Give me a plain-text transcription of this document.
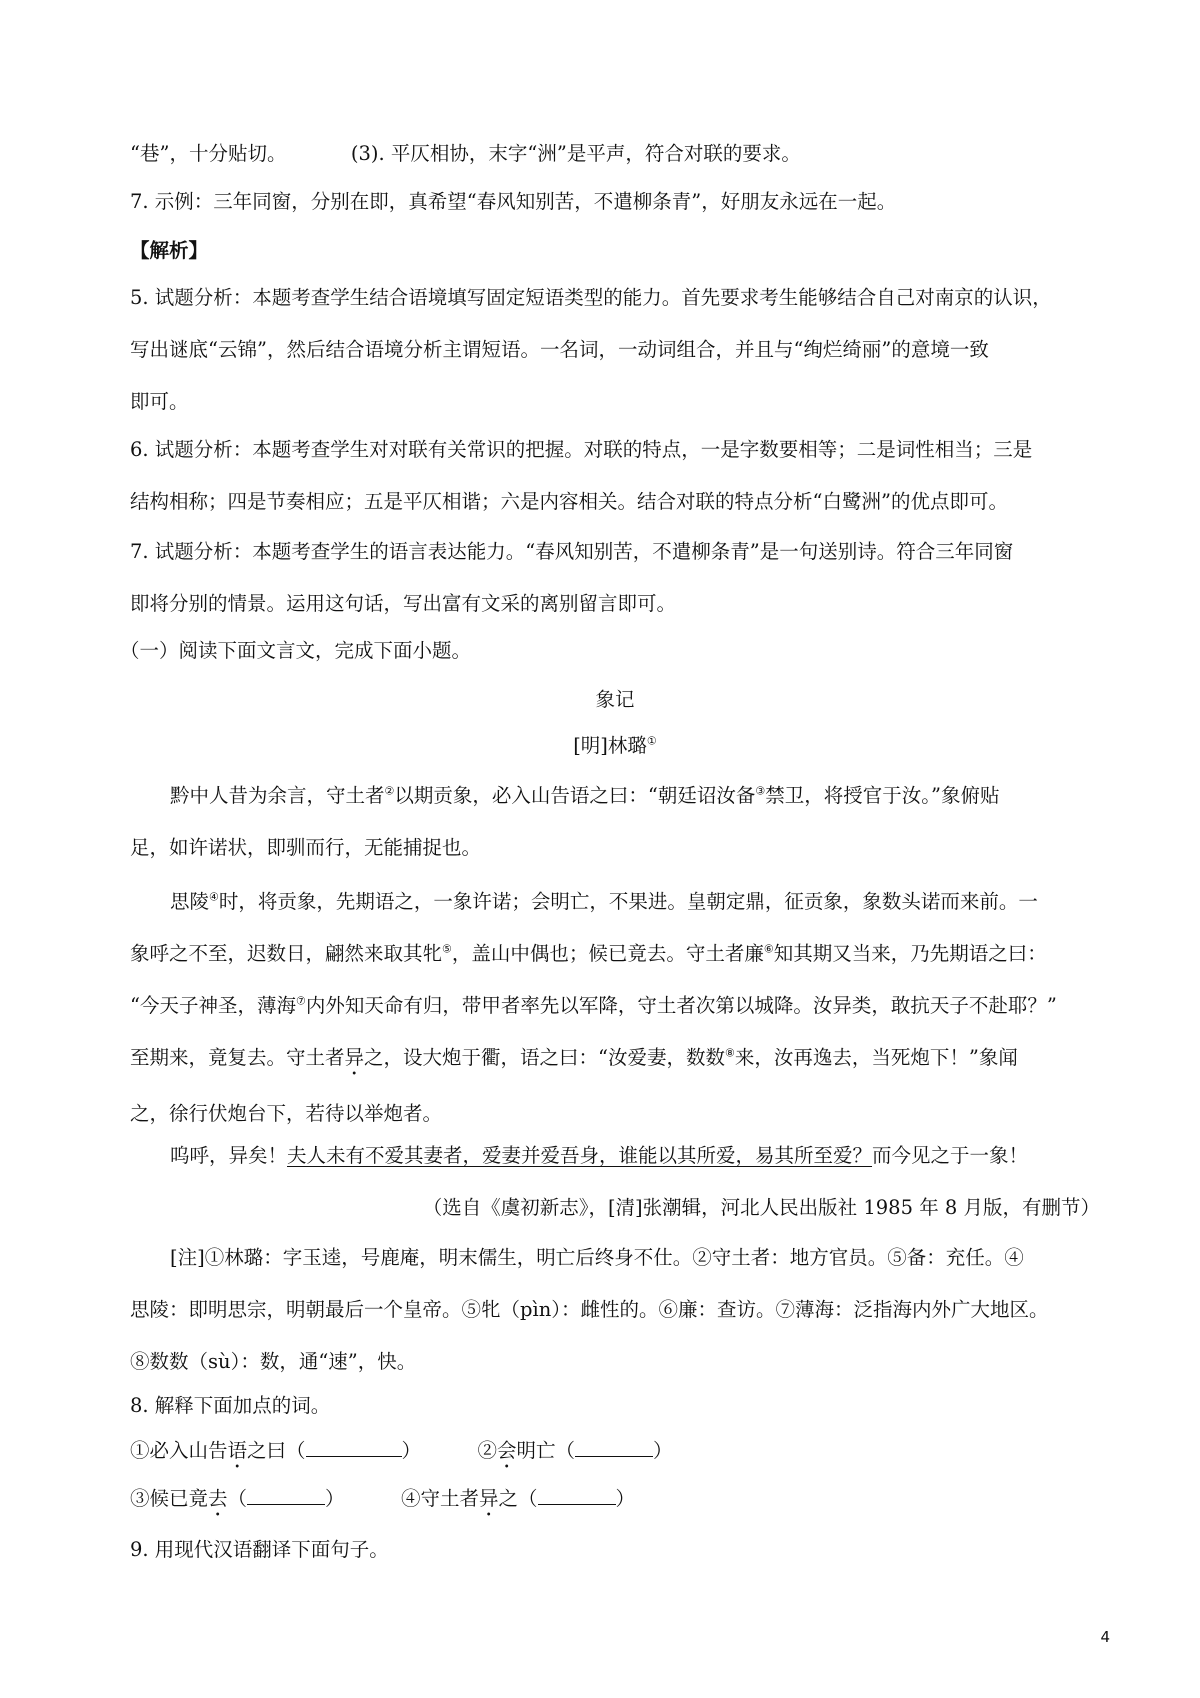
“巷”，十分贴切。	(3). 平仄相协，末字“洲”是平声，符合对联的要求。
7. 示例：三年同窗，分别在即，真希望“春风知别苦，不遣柳条青”，好朋友永远在一起。
【解析】
5. 试题分析：本题考查学生结合语境填写固定短语类型的能力。首先要求考生能够结合自己对南京的认识，
写出谜底“云锦”，然后结合语境分析主谓短语。一名词，一动词组合，并且与“绚烂绮丽”的意境一致
即可。
6. 试题分析：本题考查学生对对联有关常识的把握。对联的特点，一是字数要相等；二是词性相当；三是
结构相称；四是节奏相应；五是平仄相谐；六是内容相关。结合对联的特点分析“白鹭洲”的优点即可。
7. 试题分析：本题考查学生的语言表达能力。“春风知别苦，不遣柳条青”是一句送别诗。符合三年同窗
即将分别的情景。运用这句话，写出富有文采的离别留言即可。
（一）阅读下面文言文，完成下面小题。
象记
[明]林璐①
黔中人昔为余言，守土者②以期贡象，必入山告语之曰：“朝廷诏汝备③禁卫，将授官于汝。”象俯贴
足，如许诺状，即驯而行，无能捕捉也。
思陵④时，将贡象，先期语之，一象许诺；会明亡，不果进。皇朝定鼎，征贡象，象数头诺而来前。一
象呼之不至，迟数日，翩然来取其牝⑤，盖山中偶也；候已竟去。守土者廉⑥知其期又当来，乃先期语之曰：
“今天子神圣，薄海⑦内外知天命有归，带甲者率先以军降，守土者次第以城降。汝异类，敢抗天子不赴耶？”
至期来，竟复去。守土者异之，设大炮于衢，语之曰：“汝爱妻，数数⑧来，汝再逸去，当死炮下！”象闻
之，徐行伏炮台下，若待以举炮者。
呜呼，异矣！夫人未有不爱其妻者，爱妻并爱吾身，谁能以其所爱，易其所至爱？而今见之于一象！
（选自《虞初新志》，[清]张潮辑，河北人民出版社 1985 年 8 月版，有删节）
[注]①林璐：字玉逵，号鹿庵，明末儒生，明亡后终身不仕。②守土者：地方官员。⑤备：充任。④
思陵：即明思宗，明朝最后一个皇帝。⑤牝（pìn）：雌性的。⑥廉：查访。⑦薄海：泛指海内外广大地区。
⑧数数（sù）：数，通“速”，快。
8. 解释下面加点的词。
①必入山告语之曰（	）	②会明亡（	）
③候已竟去（	）	④守土者异之（	）
9. 用现代汉语翻译下面句子。
4
